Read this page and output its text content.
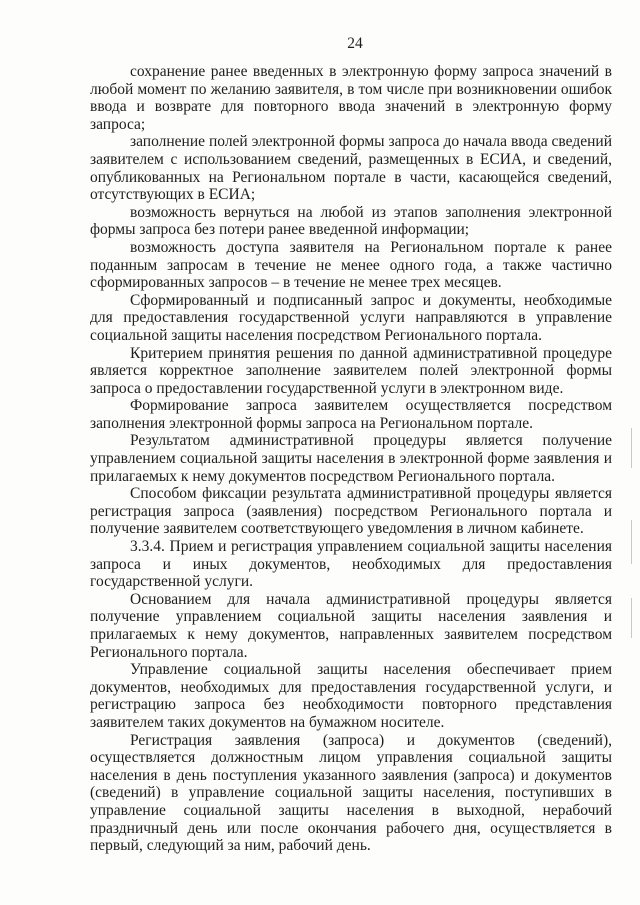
24

сохранение ранее введенных в электронную форму запроса значений в любой момент по желанию заявителя, в том числе при возникновении ошибок ввода и возврате для повторного ввода значений в электронную форму запроса;

заполнение полей электронной формы запроса до начала ввода сведений заявителем с использованием сведений, размещенных в ЕСИА, и сведений, опубликованных на Региональном портале в части, касающейся сведений, отсутствующих в ЕСИА;

возможность вернуться на любой из этапов заполнения электронной формы запроса без потери ранее введенной информации;

возможность доступа заявителя на Региональном портале к ранее поданным запросам в течение не менее одного года, а также частично сформированных запросов – в течение не менее трех месяцев.

Сформированный и подписанный запрос и документы, необходимые для предоставления государственной услуги направляются в управление социальной защиты населения посредством Регионального портала.

Критерием принятия решения по данной административной процедуре является корректное заполнение заявителем полей электронной формы запроса о предоставлении государственной услуги в электронном виде.

Формирование запроса заявителем осуществляется посредством заполнения электронной формы запроса на Региональном портале.

Результатом административной процедуры является получение управлением социальной защиты населения в электронной форме заявления и прилагаемых к нему документов посредством Регионального портала.

Способом фиксации результата административной процедуры является регистрация запроса (заявления) посредством Регионального портала и получение заявителем соответствующего уведомления в личном кабинете.

3.3.4. Прием и регистрация управлением социальной защиты населения запроса и иных документов, необходимых для предоставления государственной услуги.

Основанием для начала административной процедуры является получение управлением социальной защиты населения заявления и прилагаемых к нему документов, направленных заявителем посредством Регионального портала.

Управление социальной защиты населения обеспечивает прием документов, необходимых для предоставления государственной услуги, и регистрацию запроса без необходимости повторного представления заявителем таких документов на бумажном носителе.

Регистрация заявления (запроса) и документов (сведений), осуществляется должностным лицом управления социальной защиты населения в день поступления указанного заявления (запроса) и документов (сведений) в управление социальной защиты населения, поступивших в управление социальной защиты населения в выходной, нерабочий праздничный день или после окончания рабочего дня, осуществляется в первый, следующий за ним, рабочий день.
